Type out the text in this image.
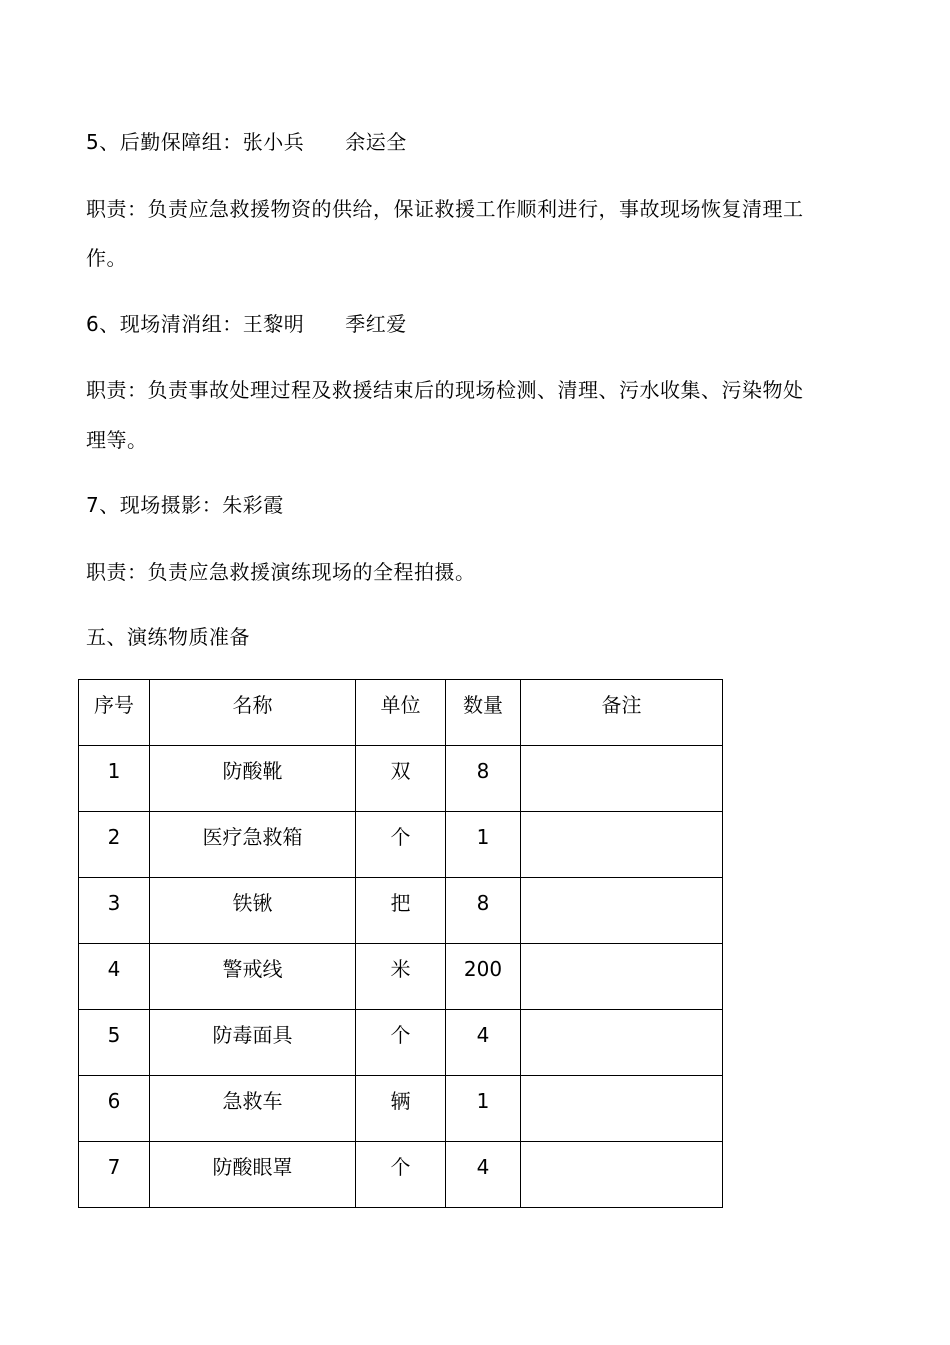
5、后勤保障组：张小兵　　余运全
职责：负责应急救援物资的供给，保证救援工作顺利进行，事故现场恢复清理工
作。
6、现场清消组：王黎明　　季红爱
职责：负责事故处理过程及救援结束后的现场检测、清理、污水收集、污染物处
理等。
7、现场摄影：朱彩霞
职责：负责应急救援演练现场的全程拍摄。
五、演练物质准备
序号	名称	单位	数量	备注

1	防酸靴	双	8	

2	医疗急救箱	个	1	

3	铁锹	把	8	

4	警戒线	米	200	

5	防毒面具	个	4	

6	急救车	辆	1	

7	防酸眼罩	个	4	
